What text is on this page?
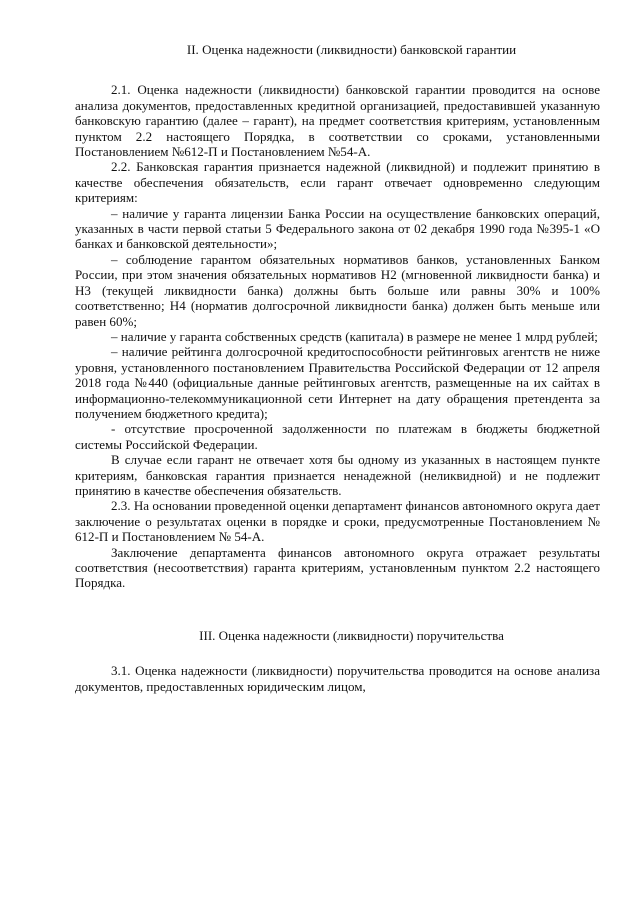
II. Оценка надежности (ликвидности) банковской гарантии

2.1. Оценка надежности (ликвидности) банковской гарантии проводится на основе анализа документов, предоставленных кредитной организацией, предоставившей указанную банковскую гарантию (далее – гарант), на предмет соответствия критериям, установленным пунктом 2.2 настоящего Порядка, в соответствии со сроками, установленными Постановлением №612-П и Постановлением №54-А.

2.2. Банковская гарантия признается надежной (ликвидной) и подлежит принятию в качестве обеспечения обязательств, если гарант отвечает одновременно следующим критериям:

– наличие у гаранта лицензии Банка России на осуществление банковских операций, указанных в части первой статьи 5 Федерального закона от 02 декабря 1990 года №395-1 «О банках и банковской деятельности»;

– соблюдение гарантом обязательных нормативов банков, установленных Банком России, при этом значения обязательных нормативов Н2 (мгновенной ликвидности банка) и Н3 (текущей ликвидности банка) должны быть больше или равны 30% и 100% соответственно; Н4 (норматив долгосрочной ликвидности банка) должен быть меньше или равен 60%;

– наличие у гаранта собственных средств (капитала) в размере не менее 1 млрд рублей;

– наличие рейтинга долгосрочной кредитоспособности рейтинговых агентств не ниже уровня, установленного постановлением Правительства Российской Федерации от 12 апреля 2018 года №440 (официальные данные рейтинговых агентств, размещенные на их сайтах в информационно-телекоммуникационной сети Интернет на дату обращения претендента за получением бюджетного кредита);

- отсутствие просроченной задолженности по платежам в бюджеты бюджетной системы Российской Федерации.

В случае если гарант не отвечает хотя бы одному из указанных в настоящем пункте критериям, банковская гарантия признается ненадежной (неликвидной) и не подлежит принятию в качестве обеспечения обязательств.

2.3. На основании проведенной оценки департамент финансов автономного округа дает заключение о результатах оценки в порядке и сроки, предусмотренные Постановлением № 612-П и Постановлением № 54-А.

Заключение департамента финансов автономного округа отражает результаты соответствия (несоответствия) гаранта критериям, установленным пунктом 2.2 настоящего Порядка.

III. Оценка надежности (ликвидности) поручительства

3.1. Оценка надежности (ликвидности) поручительства проводится на основе анализа документов, предоставленных юридическим лицом,
